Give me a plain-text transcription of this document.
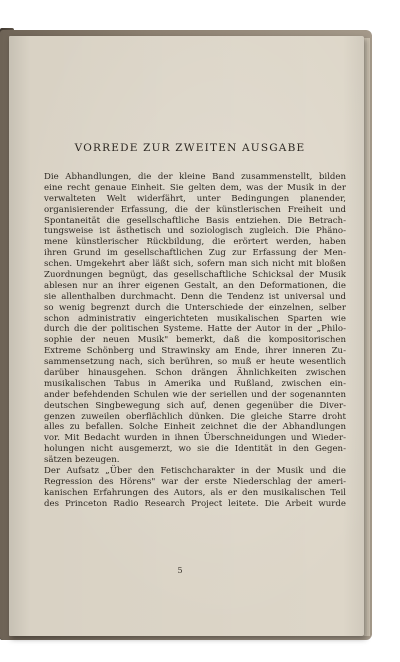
VORREDE ZUR ZWEITEN AUSGABE
Die Abhandlungen, die der kleine Band zusammenstellt, bilden
eine recht genaue Einheit. Sie gelten dem, was der Musik in der
verwalteten Welt widerfährt, unter Bedingungen planender,
organisierender Erfassung, die der künstlerischen Freiheit und
Spontaneität die gesellschaftliche Basis entziehen. Die Betrach-
tungsweise ist ästhetisch und soziologisch zugleich. Die Phäno-
mene künstlerischer Rückbildung, die erörtert werden, haben
ihren Grund im gesellschaftlichen Zug zur Erfassung der Men-
schen. Umgekehrt aber läßt sich, sofern man sich nicht mit bloßen
Zuordnungen begnügt, das gesellschaftliche Schicksal der Musik
ablesen nur an ihrer eigenen Gestalt, an den Deformationen, die
sie allenthalben durchmacht. Denn die Tendenz ist universal und
so wenig begrenzt durch die Unterschiede der einzelnen, selber
schon administrativ eingerichteten musikalischen Sparten wie
durch die der politischen Systeme. Hatte der Autor in der „Philo-
sophie der neuen Musik" bemerkt, daß die kompositorischen
Extreme Schönberg und Strawinsky am Ende, ihrer inneren Zu-
sammensetzung nach, sich berühren, so muß er heute wesentlich
darüber hinausgehen. Schon drängen Ähnlichkeiten zwischen
musikalischen Tabus in Amerika und Rußland, zwischen ein-
ander befehdenden Schulen wie der seriellen und der sogenannten
deutschen Singbewegung sich auf, denen gegenüber die Diver-
genzen zuweilen oberflächlich dünken. Die gleiche Starre droht
alles zu befallen. Solche Einheit zeichnet die der Abhandlungen
vor. Mit Bedacht wurden in ihnen Überschneidungen und Wieder-
holungen nicht ausgemerzt, wo sie die Identität in den Gegen-
sätzen bezeugen.
Der Aufsatz „Über den Fetischcharakter in der Musik und die
Regression des Hörens" war der erste Niederschlag der ameri-
kanischen Erfahrungen des Autors, als er den musikalischen Teil
des Princeton Radio Research Project leitete. Die Arbeit wurde
5
